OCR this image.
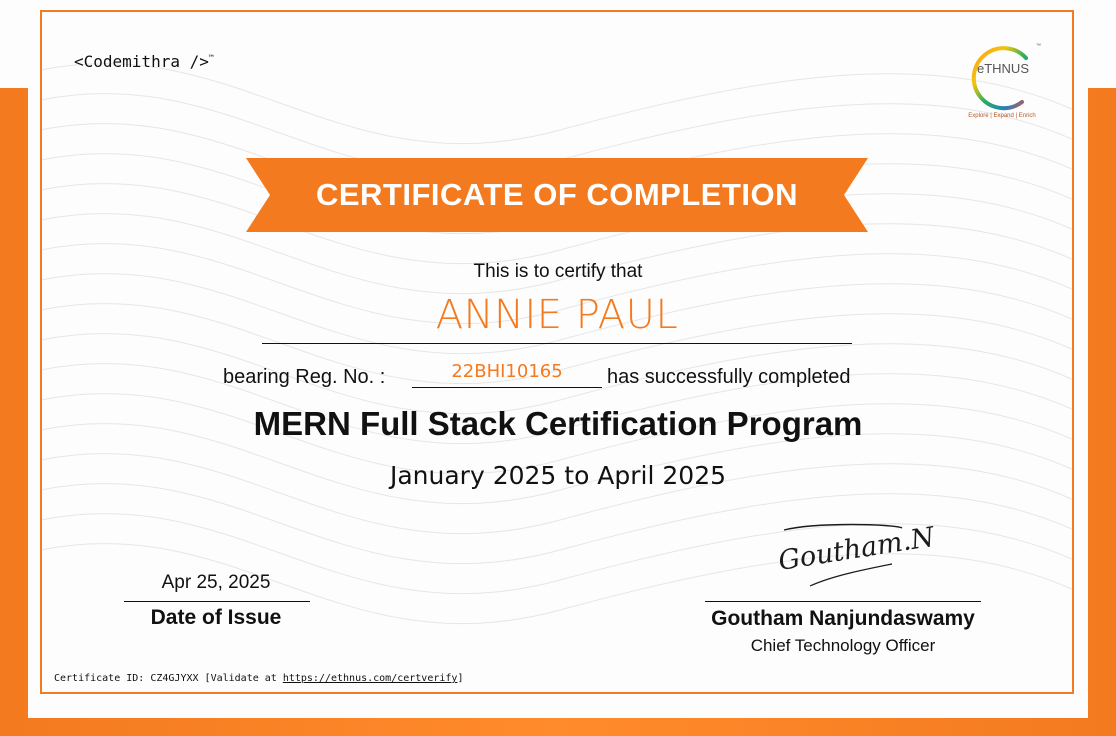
<Codemithra />™
eTHNUS
™
Explore | Expand | Enrich
CERTIFICATE OF COMPLETION
This is to certify that
ANNIE PAUL
bearing Reg. No. :	22BHI10165	has successfully completed
MERN Full Stack Certification Program
January 2025 to April 2025
Apr 25, 2025
Date of Issue
Goutham.N
Goutham Nanjundaswamy
Chief Technology Officer
Certificate ID: CZ4GJYXX [Validate at https://ethnus.com/certverify]
